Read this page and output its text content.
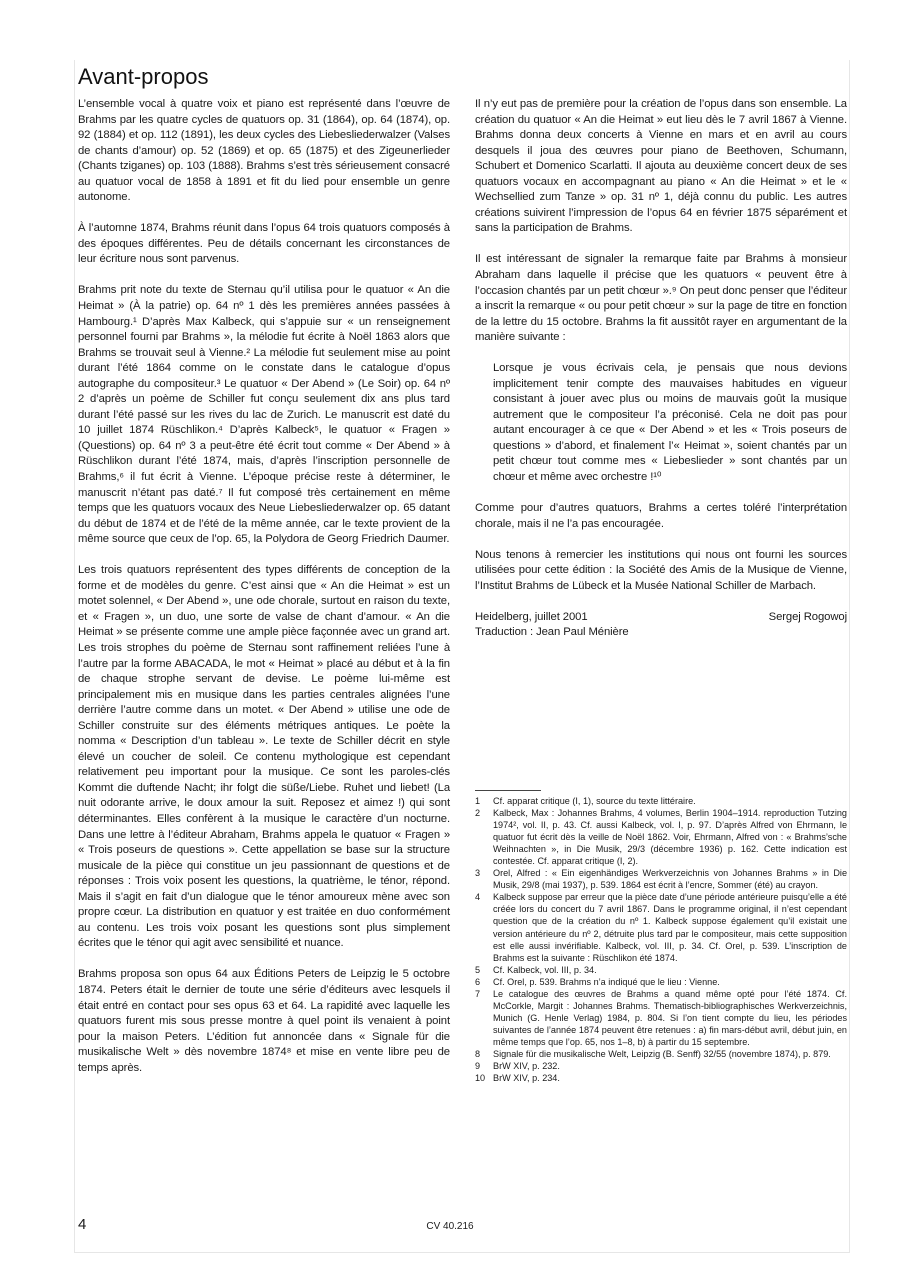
Avant-propos

L’ensemble vocal à quatre voix et piano est représenté dans l’œuvre de Brahms par les quatre cycles de quatuors op. 31 (1864), op. 64 (1874), op. 92 (1884) et op. 112 (1891), les deux cycles des Liebesliederwalzer (Valses de chants d’amour) op. 52 (1869) et op. 65 (1875) et des Zigeunerlieder (Chants tziganes) op. 103 (1888). Brahms s’est très sérieusement consacré au quatuor vocal de 1858 à 1891 et fit du lied pour ensemble un genre autonome.

À l’automne 1874, Brahms réunit dans l’opus 64 trois quatuors composés à des époques différentes. Peu de détails concernant les circonstances de leur écriture nous sont parvenus.

Brahms prit note du texte de Sternau qu’il utilisa pour le quatuor « An die Heimat » (À la patrie) op. 64 nº 1 dès les premières années passées à Hambourg.¹ D’après Max Kalbeck, qui s’appuie sur « un renseignement personnel fourni par Brahms », la mélodie fut écrite à Noël 1863 alors que Brahms se trouvait seul à Vienne.² La mélodie fut seulement mise au point durant l’été 1864 comme on le constate dans le catalogue d’opus autographe du compositeur.³ Le quatuor « Der Abend » (Le Soir) op. 64 nº 2 d’après un poème de Schiller fut conçu seulement dix ans plus tard durant l’été passé sur les rives du lac de Zurich. Le manuscrit est daté du 10 juillet 1874 Rüschlikon.⁴ D’après Kalbeck⁵, le quatuor « Fragen » (Questions) op. 64 nº 3 a peut-être été écrit tout comme « Der Abend » à Rüschlikon durant l’été 1874, mais, d’après l’inscription personnelle de Brahms,⁶ il fut écrit à Vienne. L’époque précise reste à déterminer, le manuscrit n’étant pas daté.⁷ Il fut composé très certainement en même temps que les quatuors vocaux des Neue Liebesliederwalzer op. 65 datant du début de 1874 et de l’été de la même année, car le texte provient de la même source que ceux de l’op. 65, la Polydora de Georg Friedrich Daumer.

Les trois quatuors représentent des types différents de conception de la forme et de modèles du genre. C’est ainsi que « An die Heimat » est un motet solennel, « Der Abend », une ode chorale, surtout en raison du texte, et « Fragen », un duo, une sorte de valse de chant d’amour. « An die Heimat » se présente comme une ample pièce façonnée avec un grand art. Les trois strophes du poème de Sternau sont raffinement reliées l’une à l’autre par la forme ABACADA, le mot « Heimat » placé au début et à la fin de chaque strophe servant de devise. Le poème lui-même est principalement mis en musique dans les parties centrales alignées l’une derrière l’autre comme dans un motet. « Der Abend » utilise une ode de Schiller construite sur des éléments métriques antiques. Le poète la nomma « Description d’un tableau ». Le texte de Schiller décrit en style élevé un coucher de soleil. Ce contenu mythologique est cependant relativement peu important pour la musique. Ce sont les paroles-clés Kommt die duftende Nacht; ihr folgt die süße/Liebe. Ruhet und liebet! (La nuit odorante arrive, le doux amour la suit. Reposez et aimez !) qui sont déterminantes. Elles confèrent à la musique le caractère d’un nocturne. Dans une lettre à l’éditeur Abraham, Brahms appela le quatuor « Fragen » « Trois poseurs de questions ». Cette appellation se base sur la structure musicale de la pièce qui constitue un jeu passionnant de questions et de réponses : Trois voix posent les questions, la quatrième, le ténor, répond. Mais il s’agit en fait d’un dialogue que le ténor amoureux mène avec son propre cœur. La distribution en quatuor y est traitée en duo conformément au contenu. Les trois voix posant les questions sont plus simplement écrites que le ténor qui agit avec sensibilité et nuance.

Brahms proposa son opus 64 aux Éditions Peters de Leipzig le 5 octobre 1874. Peters était le dernier de toute une série d’éditeurs avec lesquels il était entré en contact pour ses opus 63 et 64. La rapidité avec laquelle les quatuors furent mis sous presse montre à quel point ils venaient à point pour la maison Peters. L’édition fut annoncée dans « Signale für die musikalische Welt » dès novembre 1874⁸ et mise en vente libre peu de temps après.

Il n’y eut pas de première pour la création de l’opus dans son ensemble. La création du quatuor « An die Heimat » eut lieu dès le 7 avril 1867 à Vienne. Brahms donna deux concerts à Vienne en mars et en avril au cours desquels il joua des œuvres pour piano de Beethoven, Schumann, Schubert et Domenico Scarlatti. Il ajouta au deuxième concert deux de ses quatuors vocaux en accompagnant au piano « An die Heimat » et le « Wechsellied zum Tanze » op. 31 nº 1, déjà connu du public. Les autres créations suivirent l’impression de l’opus 64 en février 1875 séparément et sans la participation de Brahms.

Il est intéressant de signaler la remarque faite par Brahms à monsieur Abraham dans laquelle il précise que les quatuors « peuvent être à l’occasion chantés par un petit chœur ».⁹ On peut donc penser que l’éditeur a inscrit la remarque « ou pour petit chœur » sur la page de titre en fonction de la lettre du 15 octobre. Brahms la fit aussitôt rayer en argumentant de la manière suivante :

Lorsque je vous écrivais cela, je pensais que nous devions implicitement tenir compte des mauvaises habitudes en vigueur consistant à jouer avec plus ou moins de mauvais goût la musique autrement que le compositeur l’a préconisé. Cela ne doit pas pour autant encourager à ce que « Der Abend » et les « Trois poseurs de questions » d’abord, et finalement l’« Heimat », soient chantés par un petit chœur tout comme mes « Liebeslieder » sont chantés par un chœur et même avec orchestre !¹⁰

Comme pour d’autres quatuors, Brahms a certes toléré l’interprétation chorale, mais il ne l’a pas encouragée.

Nous tenons à remercier les institutions qui nous ont fourni les sources utilisées pour cette édition : la Société des Amis de la Musique de Vienne, l’Institut Brahms de Lübeck et la Musée National Schiller de Marbach.

Heidelberg, juillet 2001	Sergej Rogowoj

Traduction : Jean Paul Ménière

1	Cf. apparat critique (I, 1), source du texte littéraire.
2	Kalbeck, Max : Johannes Brahms, 4 volumes, Berlin 1904–1914. reproduction Tutzing 1974², vol. II, p. 43. Cf. aussi Kalbeck, vol. I, p. 97. D’après Alfred von Ehrmann, le quatuor fut écrit dès la veille de Noël 1862. Voir, Ehrmann, Alfred von : « Brahms’sche Weihnachten », in Die Musik, 29/3 (décembre 1936) p. 162. Cette indication est contestée. Cf. apparat critique (I, 2).
3	Orel, Alfred : « Ein eigenhändiges Werkverzeichnis von Johannes Brahms » in Die Musik, 29/8 (mai 1937), p. 539. 1864 est écrit à l’encre, Sommer (été) au crayon.
4	Kalbeck suppose par erreur que la pièce date d’une période antérieure puisqu’elle a été créée lors du concert du 7 avril 1867. Dans le programme original, il n’est cependant question que de la création du nº 1. Kalbeck suppose également qu’il existait une version antérieure du nº 2, détruite plus tard par le compositeur, mais cette supposition est elle aussi invérifiable. Kalbeck, vol. III, p. 34. Cf. Orel, p. 539. L’inscription de Brahms est la suivante : Rüschlikon été 1874.
5	Cf. Kalbeck, vol. III, p. 34.
6	Cf. Orel, p. 539. Brahms n’a indiqué que le lieu : Vienne.
7	Le catalogue des œuvres de Brahms a quand même opté pour l’été 1874. Cf. McCorkle, Margit : Johannes Brahms. Thematisch-bibliographisches Werkverzeichnis, Munich (G. Henle Verlag) 1984, p. 804. Si l’on tient compte du lieu, les périodes suivantes de l’année 1874 peuvent être retenues : a) fin mars-début avril, début juin, en même temps que l’op. 65, nos 1–8, b) à partir du 15 septembre.
8	Signale für die musikalische Welt, Leipzig (B. Senff) 32/55 (novembre 1874), p. 879.
9	BrW XIV, p. 232.
10 BrW XIV, p. 234.
4	CV 40.216
